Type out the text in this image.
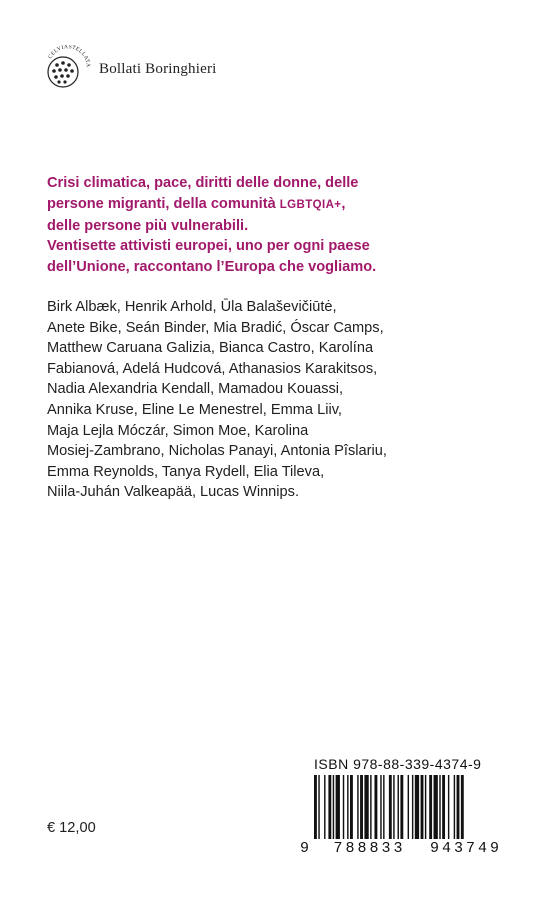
CELVIASTELLATA Bollati Boringhieri
Crisi climatica, pace, diritti delle donne, delle
persone migranti, della comunità LGBTQIA+,
delle persone più vulnerabili.
Ventisette attivisti europei, uno per ogni paese
dell’Unione, raccontano l’Europa che vogliamo.
Birk Albæk, Henrik Arhold, Ūla Balaševičiūtė,
Anete Bike, Seán Binder, Mia Bradić, Óscar Camps,
Matthew Caruana Galizia, Bianca Castro, Karolína
Fabianová, Adelá Hudcová, Athanasios Karakitsos,
Nadia Alexandria Kendall, Mamadou Kouassi,
Annika Kruse, Eline Le Menestrel, Emma Liiv,
Maja Lejla Móczár, Simon Moe, Karolina
Mosiej-Zambrano, Nicholas Panayi, Antonia Pîslariu,
Emma Reynolds, Tanya Rydell, Elia Tileva,
Niila-Juhán Valkeapää, Lucas Winnips.
€ 12,00
ISBN 978-88-339-4374-9
9 788833 943749
